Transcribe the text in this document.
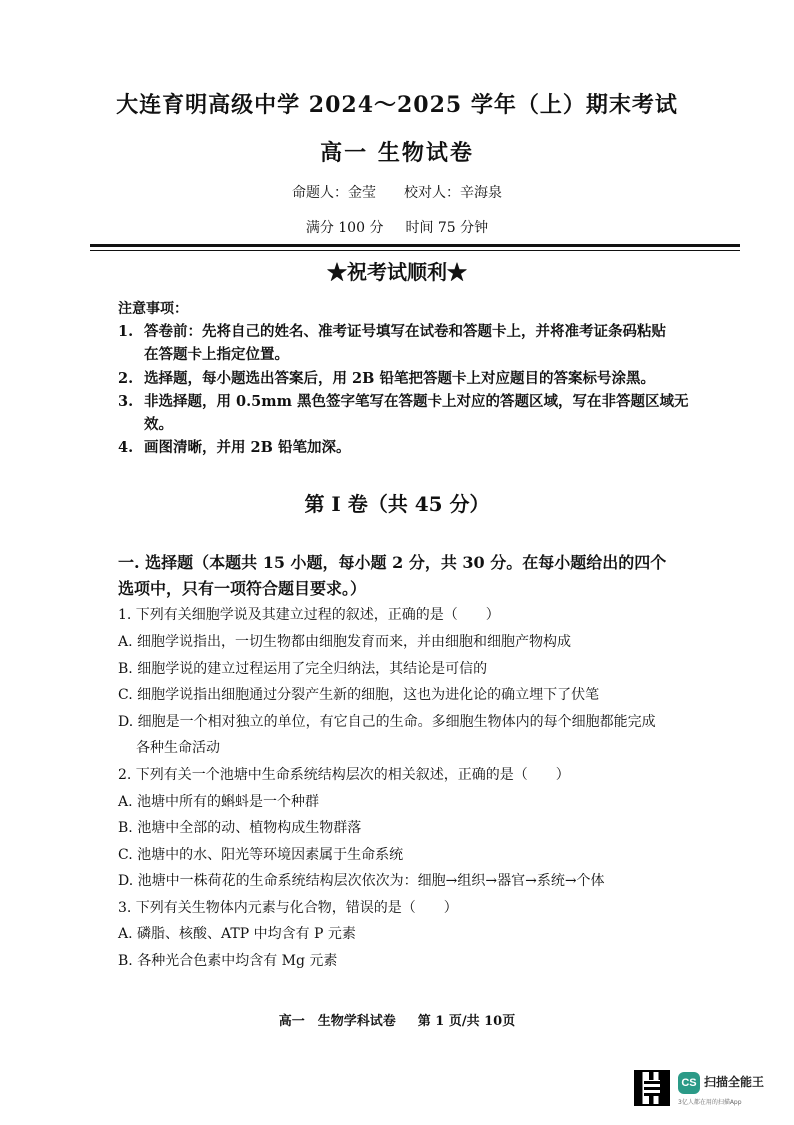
大连育明高级中学 2024～2025 学年（上）期末考试
高一 生物试卷
命题人：金莹 校对人：辛海泉
满分 100 分 时间 75 分钟
★祝考试顺利★
注意事项：
1. 答卷前：先将自己的姓名、准考证号填写在试卷和答题卡上，并将准考证条码粘贴
在答题卡上指定位置。
2. 选择题，每小题选出答案后，用 2B 铅笔把答题卡上对应题目的答案标号涂黑。
3. 非选择题，用 0.5mm 黑色签字笔写在答题卡上对应的答题区域，写在非答题区域无
效。
4. 画图清晰，并用 2B 铅笔加深。
第 I 卷（共 45 分）
一. 选择题（本题共 15 小题，每小题 2 分，共 30 分。在每小题给出的四个
选项中，只有一项符合题目要求。）
1. 下列有关细胞学说及其建立过程的叙述，正确的是（　　）
A. 细胞学说指出，一切生物都由细胞发育而来，并由细胞和细胞产物构成
B. 细胞学说的建立过程运用了完全归纳法，其结论是可信的
C. 细胞学说指出细胞通过分裂产生新的细胞，这也为进化论的确立埋下了伏笔
D. 细胞是一个相对独立的单位，有它自己的生命。多细胞生物体内的每个细胞都能完成
各种生命活动
2. 下列有关一个池塘中生命系统结构层次的相关叙述，正确的是（　　）
A. 池塘中所有的蝌蚪是一个种群
B. 池塘中全部的动、植物构成生物群落
C. 池塘中的水、阳光等环境因素属于生命系统
D. 池塘中一株荷花的生命系统结构层次依次为：细胞→组织→器官→系统→个体
3. 下列有关生物体内元素与化合物，错误的是（　　）
A. 磷脂、核酸、ATP 中均含有 P 元素
B. 各种光合色素中均含有 Mg 元素
高一　生物学科试卷 第 1 页/共 10页
CS 扫描全能王
3亿人都在用的扫描App
